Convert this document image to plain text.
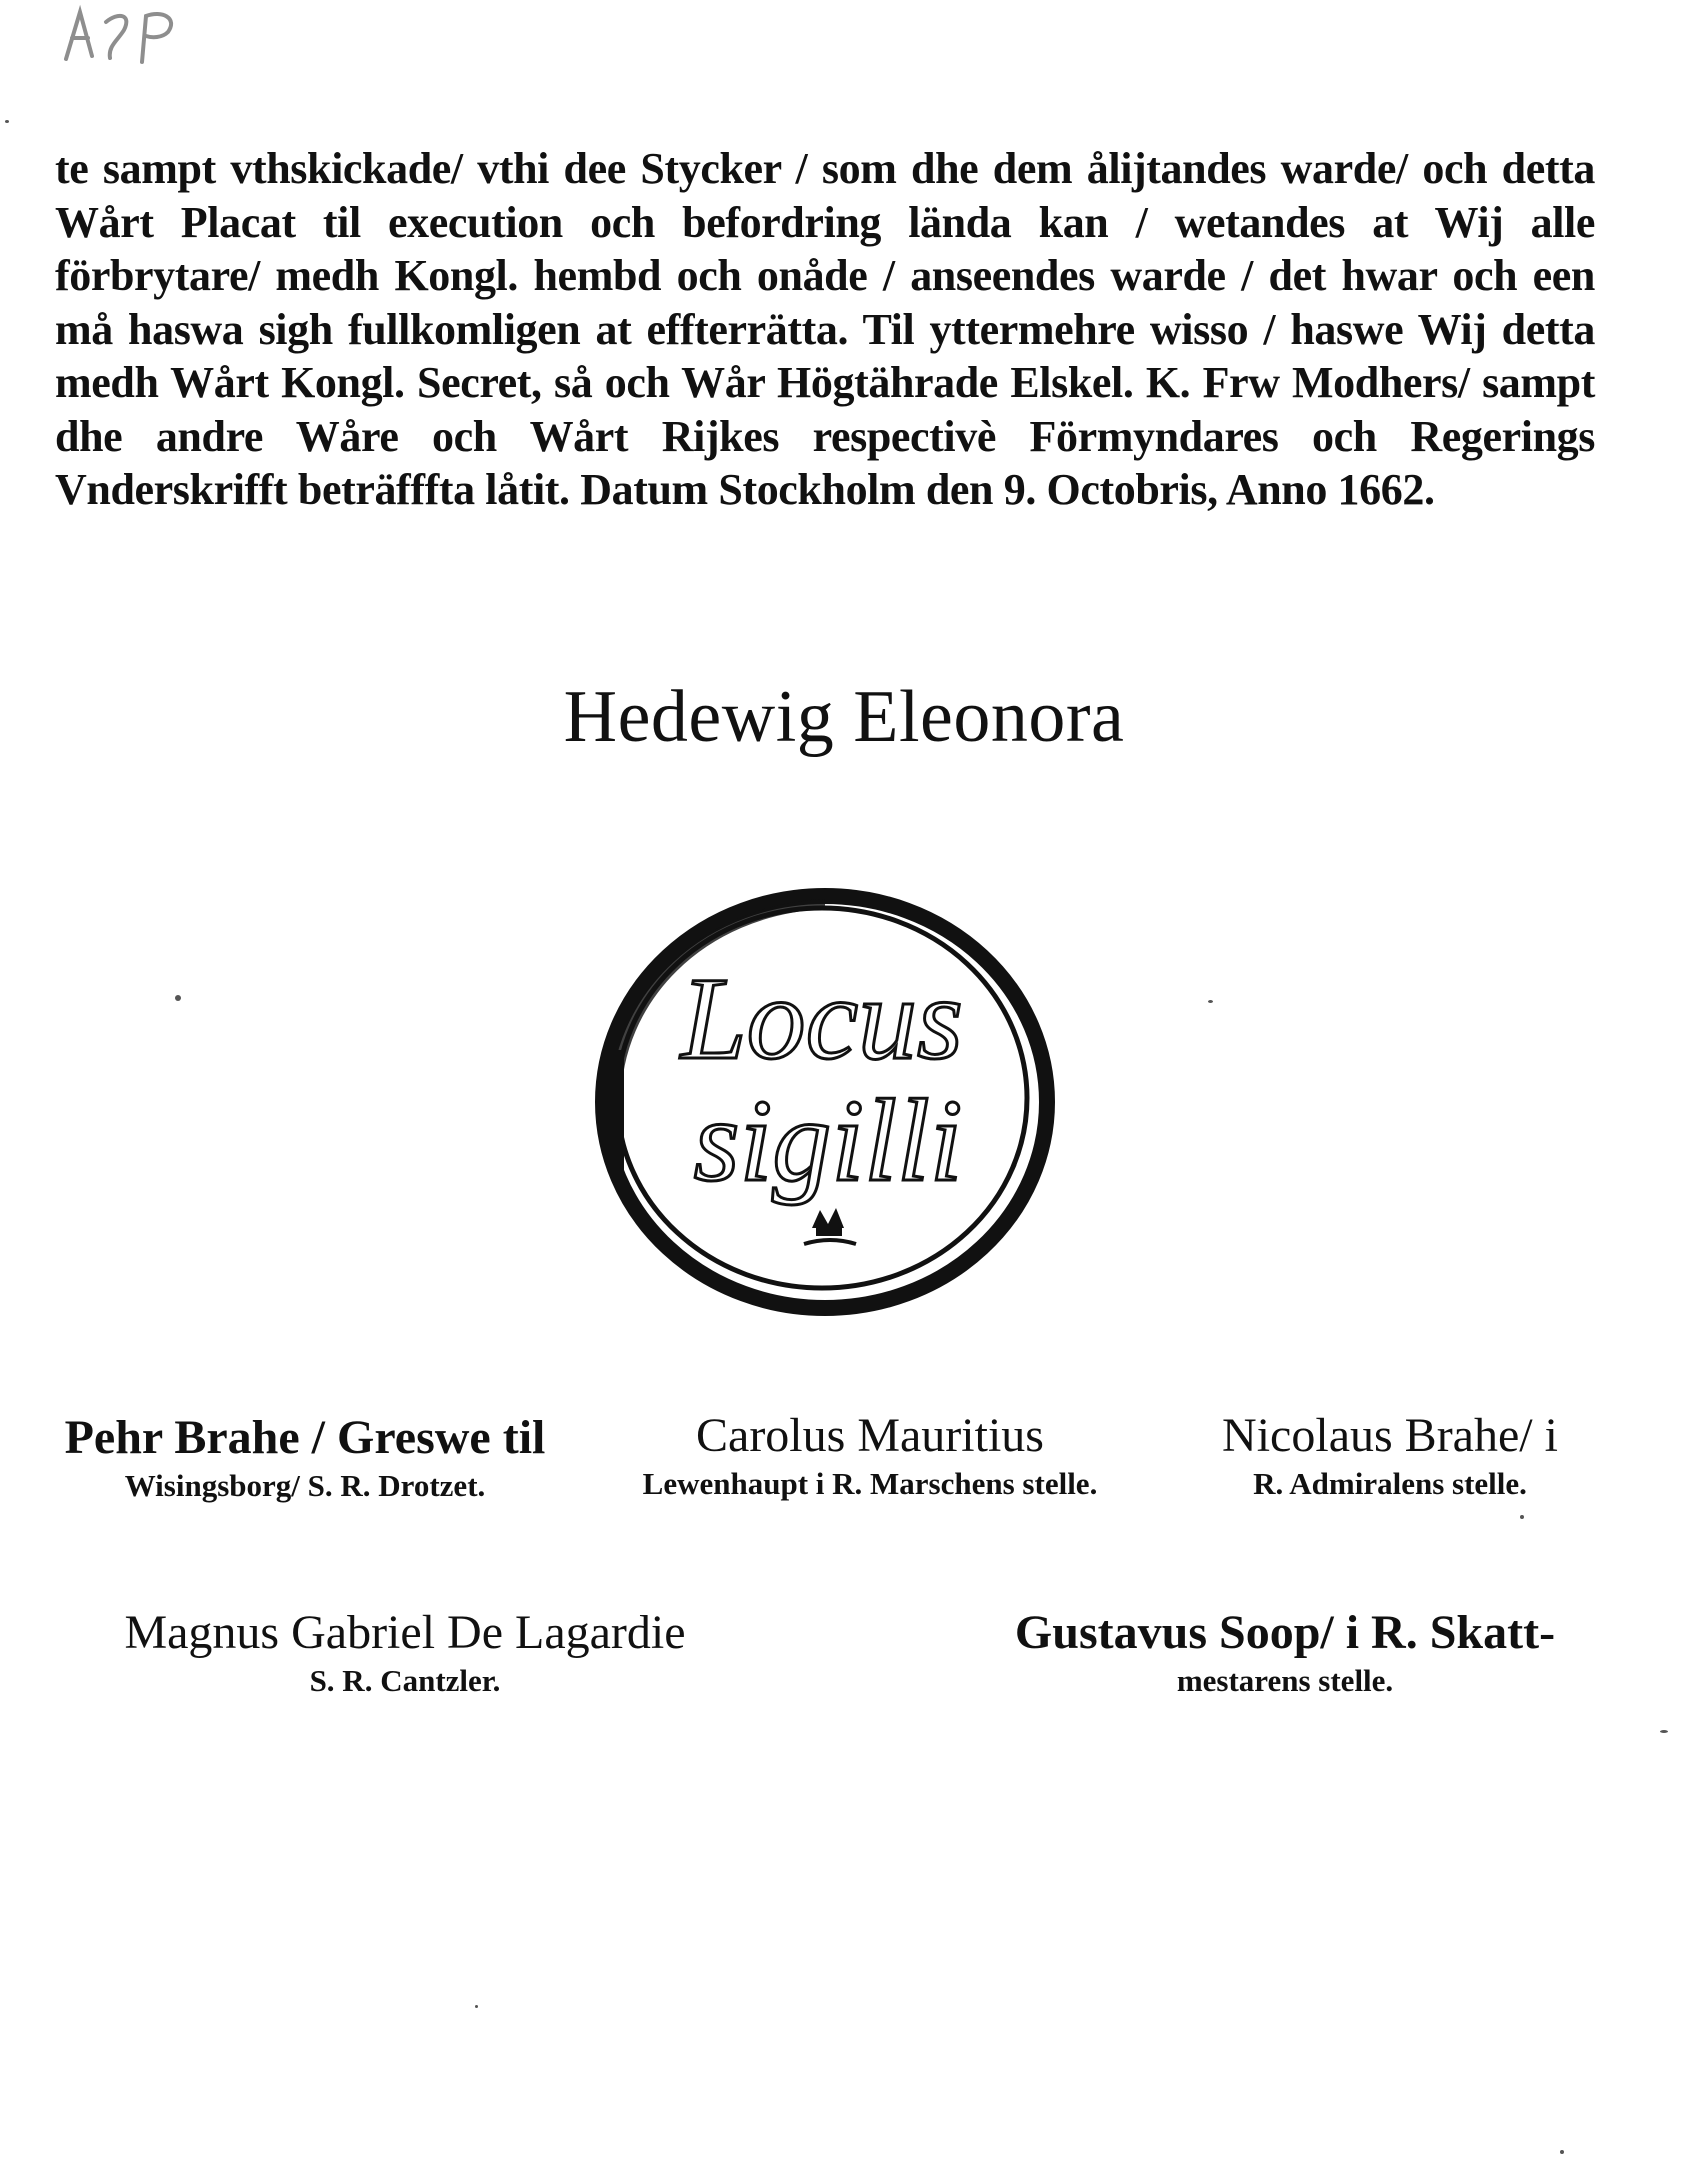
te sampt vthskickade/ vthi dee Stycker / som dhe dem ålijtandes warde/ och detta Wårt Placat til execution och befordring lända kan / wetandes at Wij alle förbrytare/ medh Kongl. hembd och onåde / anseendes warde / det hwar och een må haswa sigh fullkomligen at effterrätta. Til yttermehre wisso / haswe Wij detta medh Wårt Kongl. Secret, så och Wår Högtährade Elskel. K. Frw Modhers/ sampt dhe andre Wåre och Wårt Rijkes respectivè Förmyndares och Regerings Vnderskrifft beträfffta låtit. Datum Stockholm den 9. Octobris, Anno 1662.

Hedewig Eleonora
Locus
sigilli
Pehr Brahe / Greswe til
Wisingsborg/ S. R. Drotzet.
Carolus Mauritius
Lewenhaupt i R. Marschens stelle.
Nicolaus Brahe/ i
R. Admiralens stelle.
Magnus Gabriel De Lagardie
S. R. Cantzler.
Gustavus Soop/ i R. Skatt-
mestarens stelle.
